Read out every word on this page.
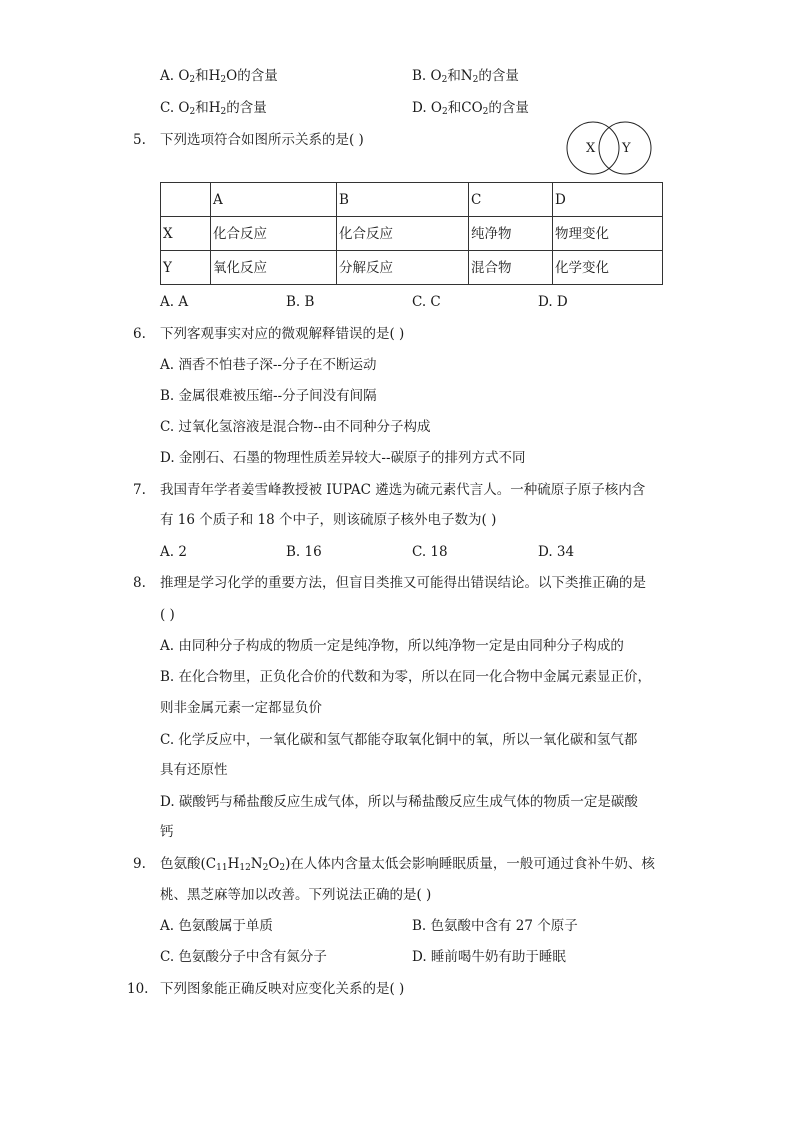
A. $O_2$和$H_2O$的含量	B. $O_2$和$N_2$的含量
C. $O_2$和$H_2$的含量	D. $O_2$和$CO_2$的含量
5. 下列选项符合如图所示关系的是( )
X Y
	A	B	C	D
X	化合反应	化合反应	纯净物	物理变化
Y	氧化反应	分解反应	混合物	化学变化
A. A	B. B	C. C	D. D
6. 下列客观事实对应的微观解释错误的是( )
A. 酒香不怕巷子深--分子在不断运动
B. 金属很难被压缩--分子间没有间隔
C. 过氧化氢溶液是混合物--由不同种分子构成
D. 金刚石、石墨的物理性质差异较大--碳原子的排列方式不同
7. 我国青年学者姜雪峰教授被 IUPAC 遴选为硫元素代言人。一种硫原子原子核内含
有 16 个质子和 18 个中子，则该硫原子核外电子数为( )
A. 2	B. 16	C. 18	D. 34
8. 推理是学习化学的重要方法，但盲目类推又可能得出错误结论。以下类推正确的是
( )
A. 由同种分子构成的物质一定是纯净物，所以纯净物一定是由同种分子构成的
B. 在化合物里，正负化合价的代数和为零，所以在同一化合物中金属元素显正价，
则非金属元素一定都显负价
C. 化学反应中，一氧化碳和氢气都能夺取氧化铜中的氧，所以一氧化碳和氢气都
具有还原性
D. 碳酸钙与稀盐酸反应生成气体，所以与稀盐酸反应生成气体的物质一定是碳酸
钙
9. 色氨酸$(C_{11}H_{12}N_2O_2)$在人体内含量太低会影响睡眠质量，一般可通过食补牛奶、核
桃、黑芝麻等加以改善。下列说法正确的是( )
A. 色氨酸属于单质	B. 色氨酸中含有 27 个原子
C. 色氨酸分子中含有氮分子	D. 睡前喝牛奶有助于睡眠
10. 下列图象能正确反映对应变化关系的是( )
